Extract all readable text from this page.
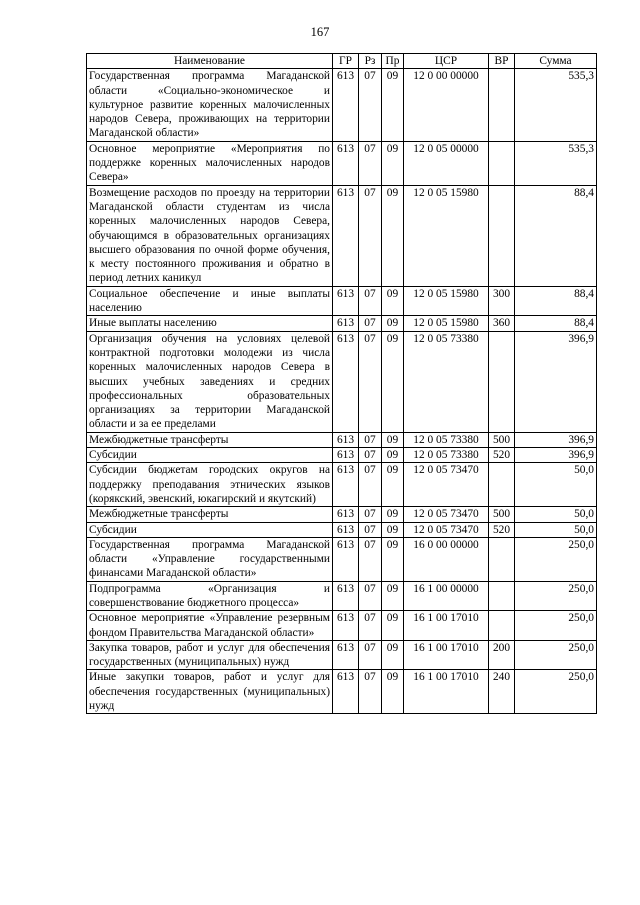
167
Наименование	ГР	Рз	Пр	ЦСР	ВР	Сумма
Государственная программа Магаданской области «Социально-экономическое и культурное развитие коренных малочисленных народов Севера, проживающих на территории Магаданской области»	613	07	09	12 0 00 00000		535,3
Основное мероприятие «Мероприятия по поддержке коренных малочисленных народов Севера»	613	07	09	12 0 05 00000		535,3
Возмещение расходов по проезду на территории Магаданской области студентам из числа коренных малочисленных народов Севера, обучающимся в образовательных организациях высшего образования по очной форме обучения, к месту постоянного проживания и обратно в период летних каникул	613	07	09	12 0 05 15980		88,4
Социальное обеспечение и иные выплаты населению	613	07	09	12 0 05 15980	300	88,4
Иные выплаты населению	613	07	09	12 0 05 15980	360	88,4
Организация обучения на условиях целевой контрактной подготовки молодежи из числа коренных малочисленных народов Севера в высших учебных заведениях и средних профессиональных образовательных организациях за территории Магаданской области и за ее пределами	613	07	09	12 0 05 73380		396,9
Межбюджетные трансферты	613	07	09	12 0 05 73380	500	396,9
Субсидии	613	07	09	12 0 05 73380	520	396,9
Субсидии бюджетам городских округов на поддержку преподавания этнических языков (корякский, эвенский, юкагирский и якутский)	613	07	09	12 0 05 73470		50,0
Межбюджетные трансферты	613	07	09	12 0 05 73470	500	50,0
Субсидии	613	07	09	12 0 05 73470	520	50,0
Государственная программа Магаданской области «Управление государственными финансами Магаданской области»	613	07	09	16 0 00 00000		250,0
Подпрограмма «Организация и совершенствование бюджетного процесса»	613	07	09	16 1 00 00000		250,0
Основное мероприятие «Управление резервным фондом Правительства Магаданской области»	613	07	09	16 1 00 17010		250,0
Закупка товаров, работ и услуг для обеспечения государственных (муниципальных) нужд	613	07	09	16 1 00 17010	200	250,0
Иные закупки товаров, работ и услуг для обеспечения государственных (муниципальных) нужд	613	07	09	16 1 00 17010	240	250,0
